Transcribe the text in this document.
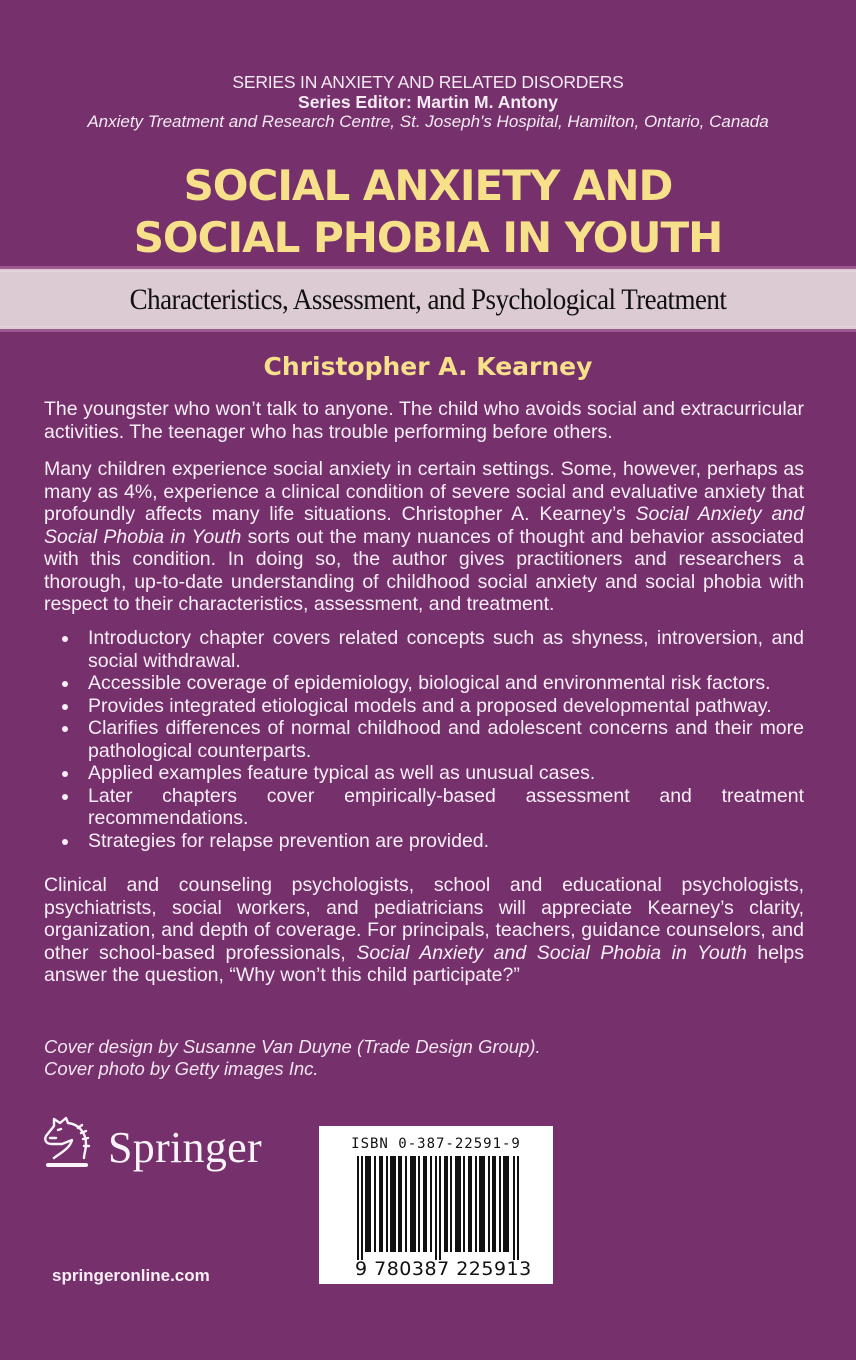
SERIES IN ANXIETY AND RELATED DISORDERS
Series Editor: Martin M. Antony
Anxiety Treatment and Research Centre, St. Joseph's Hospital, Hamilton, Ontario, Canada
SOCIAL ANXIETY AND
SOCIAL PHOBIA IN YOUTH
Characteristics, Assessment, and Psychological Treatment
Christopher A. Kearney

The youngster who won’t talk to anyone. The child who avoids social and extracurricular activities. The teenager who has trouble performing before others.

Many children experience social anxiety in certain settings. Some, however, perhaps as many as 4%, experience a clinical condition of severe social and evaluative anxiety that profoundly affects many life situations. Christopher A. Kearney’s Social Anxiety and Social Phobia in Youth sorts out the many nuances of thought and behavior associated with this condition. In doing so, the author gives practitioners and researchers a thorough, up-to-date understanding of childhood social anxiety and social phobia with respect to their characteristics, assessment, and treatment.

Introductory chapter covers related concepts such as shyness, introversion, and social withdrawal.
Accessible coverage of epidemiology, biological and environmental risk factors.
Provides integrated etiological models and a proposed developmental pathway.
Clarifies differences of normal childhood and adolescent concerns and their more pathological counterparts.
Applied examples feature typical as well as unusual cases.
Later chapters cover empirically-based assessment and treatment recommendations.
Strategies for relapse prevention are provided.

Clinical and counseling psychologists, school and educational psychologists, psychiatrists, social workers, and pediatricians will appreciate Kearney’s clarity, organization, and depth of coverage. For principals, teachers, guidance counselors, and other school-based professionals, Social Anxiety and Social Phobia in Youth helps answer the question, “Why won’t this child participate?”

Cover design by Susanne Van Duyne (Trade Design Group).
Cover photo by Getty images Inc.
Springer
springeronline.com
ISBN 0-387-22591-9
9 780387 225913
